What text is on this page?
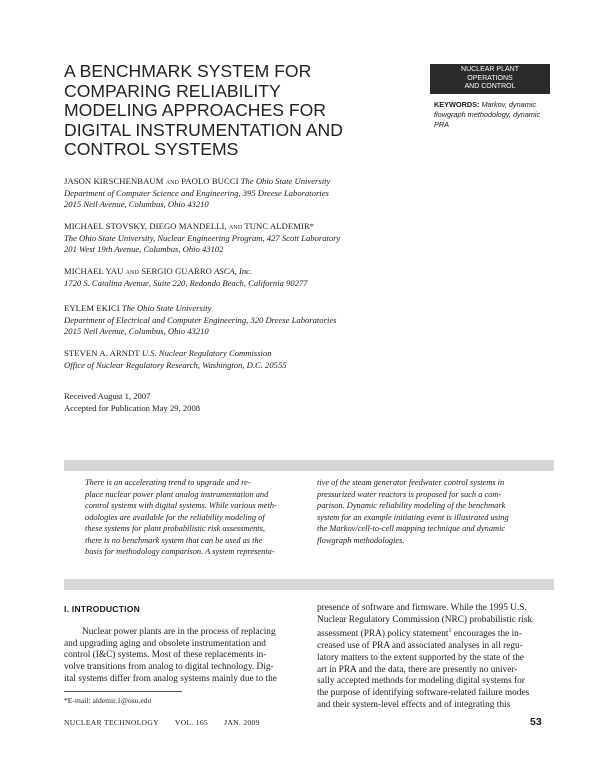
A BENCHMARK SYSTEM FOR
COMPARING RELIABILITY
MODELING APPROACHES FOR
DIGITAL INSTRUMENTATION AND
CONTROL SYSTEMS
NUCLEAR PLANT
OPERATIONS
AND CONTROL
KEYWORDS: Markov, dynamic
flowgraph methodology, dynamic
PRA
JASON KIRSCHENBAUM and PAOLO BUCCI The Ohio State University
Department of Computer Science and Engineering, 395 Dreese Laboratories
2015 Neil Avenue, Columbus, Ohio 43210
MICHAEL STOVSKY, DIEGO MANDELLI, and TUNC ALDEMIR*
The Ohio State University, Nuclear Engineering Program, 427 Scott Laboratory
201 West 19th Avenue, Columbus, Ohio 43102
MICHAEL YAU and SERGIO GUARRO ASCA, Inc.
1720 S. Catalina Avenue, Suite 220, Redondo Beach, California 90277
EYLEM EKICI The Ohio State University
Department of Electrical and Computer Engineering, 320 Dreese Laboratories
2015 Neil Avenue, Columbus, Ohio 43210
STEVEN A. ARNDT U.S. Nuclear Regulatory Commission
Office of Nuclear Regulatory Research, Washington, D.C. 20555
Received August 1, 2007
Accepted for Publication May 29, 2008
There is an accelerating trend to upgrade and re-
place nuclear power plant analog instrumentation and
control systems with digital systems. While various meth-
odologies are available for the reliability modeling of
these systems for plant probabilistic risk assessments,
there is no benchmark system that can be used as the
basis for methodology comparison. A system representa-
tive of the steam generator feedwater control systems in
pressurized water reactors is proposed for such a com-
parison. Dynamic reliability modeling of the benchmark
system for an example initiating event is illustrated using
the Markov/cell-to-cell mapping technique and dynamic
flowgraph methodologies.
I. INTRODUCTION
Nuclear power plants are in the process of replacing
and upgrading aging and obsolete instrumentation and
control (I&C) systems. Most of these replacements in-
volve transitions from analog to digital technology. Dig-
ital systems differ from analog systems mainly due to the
presence of software and firmware. While the 1995 U.S.
Nuclear Regulatory Commission (NRC) probabilistic risk
assessment (PRA) policy statement$^1$ encourages the in-
creased use of PRA and associated analyses in all regu-
latory matters to the extent supported by the state of the
art in PRA and the data, there are presently no univer-
sally accepted methods for modeling digital systems for
the purpose of identifying software-related failure modes
and their system-level effects and of integrating this
*E-mail: aldemir.1@osu.edu
NUCLEAR TECHNOLOGY VOL. 165 JAN. 2009	53
